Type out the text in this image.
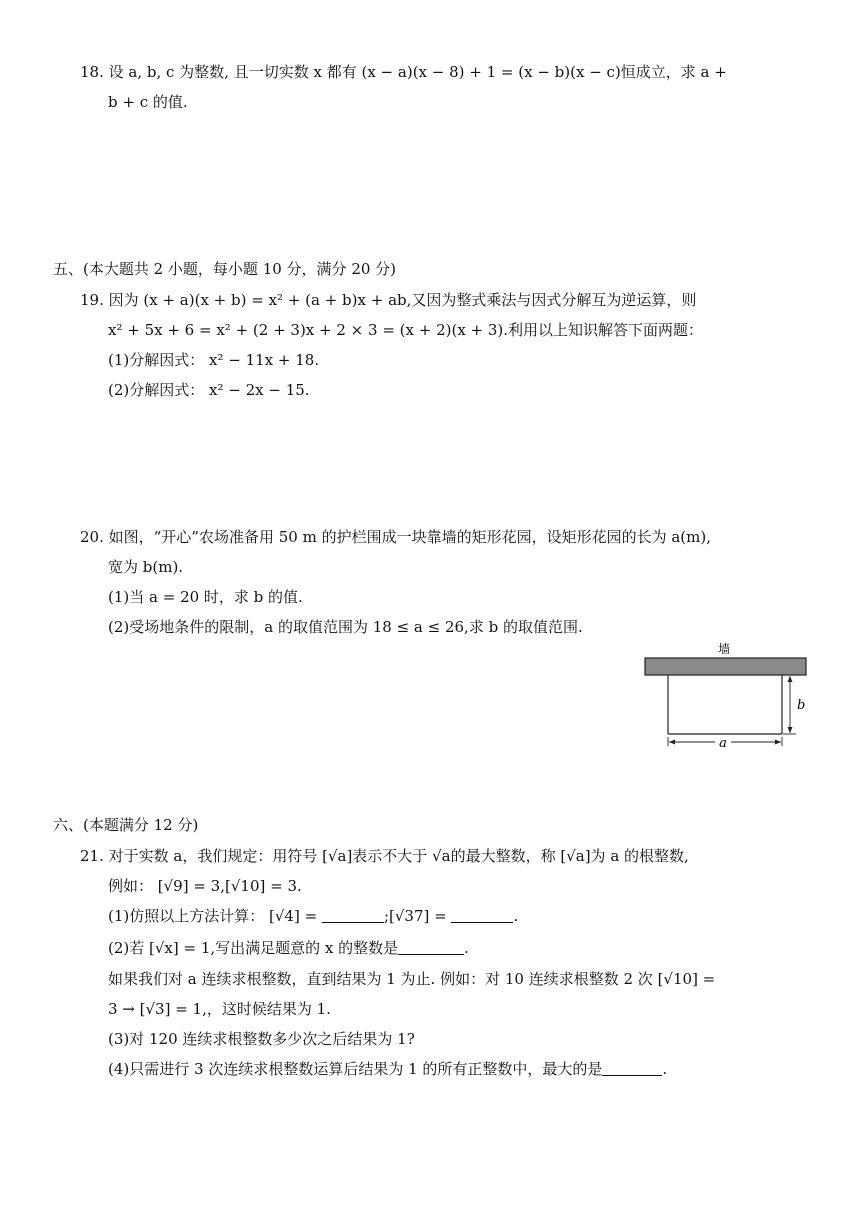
18. 设 a, b, c 为整数, 且一切实数 x 都有 (x − a)(x − 8) + 1 = (x − b)(x − c)恒成立，求 a +
b + c 的值.
五、(本大题共 2 小题，每小题 10 分，满分 20 分)
19. 因为 (x + a)(x + b) = x² + (a + b)x + ab,又因为整式乘法与因式分解互为逆运算，则
x² + 5x + 6 = x² + (2 + 3)x + 2 × 3 = (x + 2)(x + 3).利用以上知识解答下面两题：
(1)分解因式： x² − 11x + 18.
(2)分解因式： x² − 2x − 15.
20. 如图，“开心”农场准备用 50 m 的护栏围成一块靠墙的矩形花园，设矩形花园的长为 a(m),
宽为 b(m).
(1)当 a = 20 时，求 b 的值.
(2)受场地条件的限制，a 的取值范围为 18 ≤ a ≤ 26,求 b 的取值范围.
墙
b
a
六、(本题满分 12 分)
21. 对于实数 a，我们规定：用符号 [√a]表示不大于 √a的最大整数，称 [√a]为 a 的根整数,
例如： [√9] = 3,[√10] = 3.
(1)仿照以上方法计算： [√4] =	;[√37] =	.
(2)若 [√x] = 1,写出满足题意的 x 的整数是	.
如果我们对 a 连续求根整数，直到结果为 1 为止. 例如：对 10 连续求根整数 2 次 [√10] =
3 → [√3] = 1,，这时候结果为 1.
(3)对 120 连续求根整数多少次之后结果为 1?
(4)只需进行 3 次连续求根整数运算后结果为 1 的所有正整数中，最大的是	.
